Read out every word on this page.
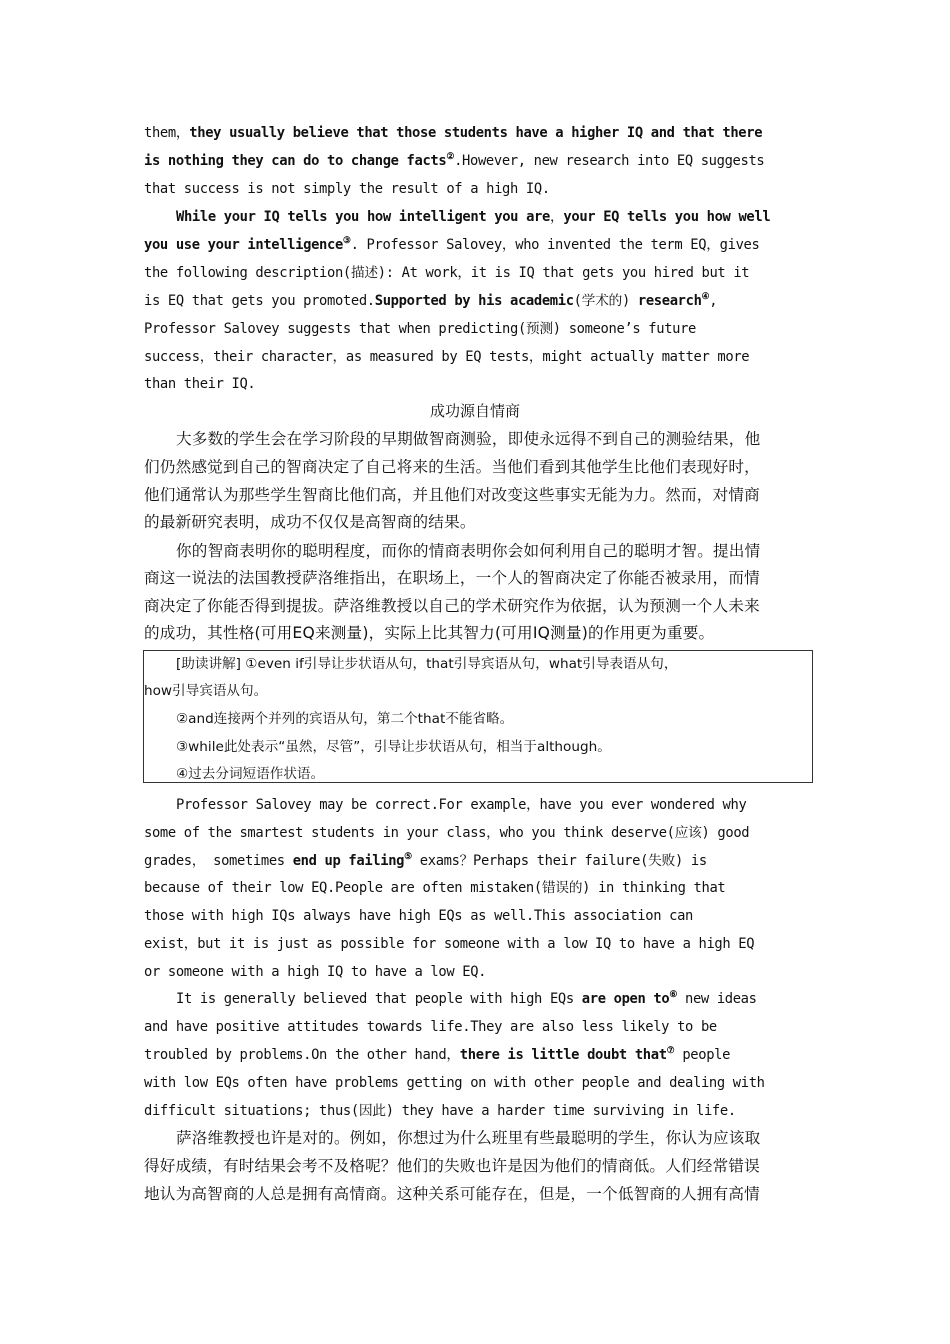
them，they usually believe that those students have a higher IQ and that there
is nothing they can do to change facts②.However, new research into EQ suggests
that success is not simply the result of a high IQ.
While your IQ tells you how intelligent you are，your EQ tells you how well
you use your intelligence③. Professor Salovey，who invented the term EQ，gives
the following description(描述): At work，it is IQ that gets you hired but it
is EQ that gets you promoted.Supported by his academic(学术的) research④,
Professor Salovey suggests that when predicting(预测) someone’s future
success，their character，as measured by EQ tests，might actually matter more
than their IQ.
成功源自情商
大多数的学生会在学习阶段的早期做智商测验，即使永远得不到自己的测验结果，他
们仍然感觉到自己的智商决定了自己将来的生活。当他们看到其他学生比他们表现好时，
他们通常认为那些学生智商比他们高，并且他们对改变这些事实无能为力。然而，对情商
的最新研究表明，成功不仅仅是高智商的结果。
你的智商表明你的聪明程度，而你的情商表明你会如何利用自己的聪明才智。提出情
商这一说法的法国教授萨洛维指出，在职场上，一个人的智商决定了你能否被录用，而情
商决定了你能否得到提拔。萨洛维教授以自己的学术研究作为依据，认为预测一个人未来
的成功，其性格(可用EQ来测量)，实际上比其智力(可用IQ测量)的作用更为重要。
[助读讲解] ①even if引导让步状语从句，that引导宾语从句，what引导表语从句，
how引导宾语从句。
②and连接两个并列的宾语从句，第二个that不能省略。
③while此处表示“虽然，尽管”，引导让步状语从句，相当于although。
④过去分词短语作状语。
Professor Salovey may be correct.For example，have you ever wondered why
some of the smartest students in your class，who you think deserve(应该) good
grades， sometimes end up failing⑤ exams？Perhaps their failure(失败) is
because of their low EQ.People are often mistaken(错误的) in thinking that
those with high IQs always have high EQs as well.This association can
exist，but it is just as possible for someone with a low IQ to have a high EQ
or someone with a high IQ to have a low EQ.
It is generally believed that people with high EQs are open to⑥ new ideas
and have positive attitudes towards life.They are also less likely to be
troubled by problems.On the other hand，there is little doubt that⑦ people
with low EQs often have problems getting on with other people and dealing with
difficult situations; thus(因此) they have a harder time surviving in life.
萨洛维教授也许是对的。例如，你想过为什么班里有些最聪明的学生，你认为应该取
得好成绩，有时结果会考不及格呢？他们的失败也许是因为他们的情商低。人们经常错误
地认为高智商的人总是拥有高情商。这种关系可能存在，但是，一个低智商的人拥有高情
